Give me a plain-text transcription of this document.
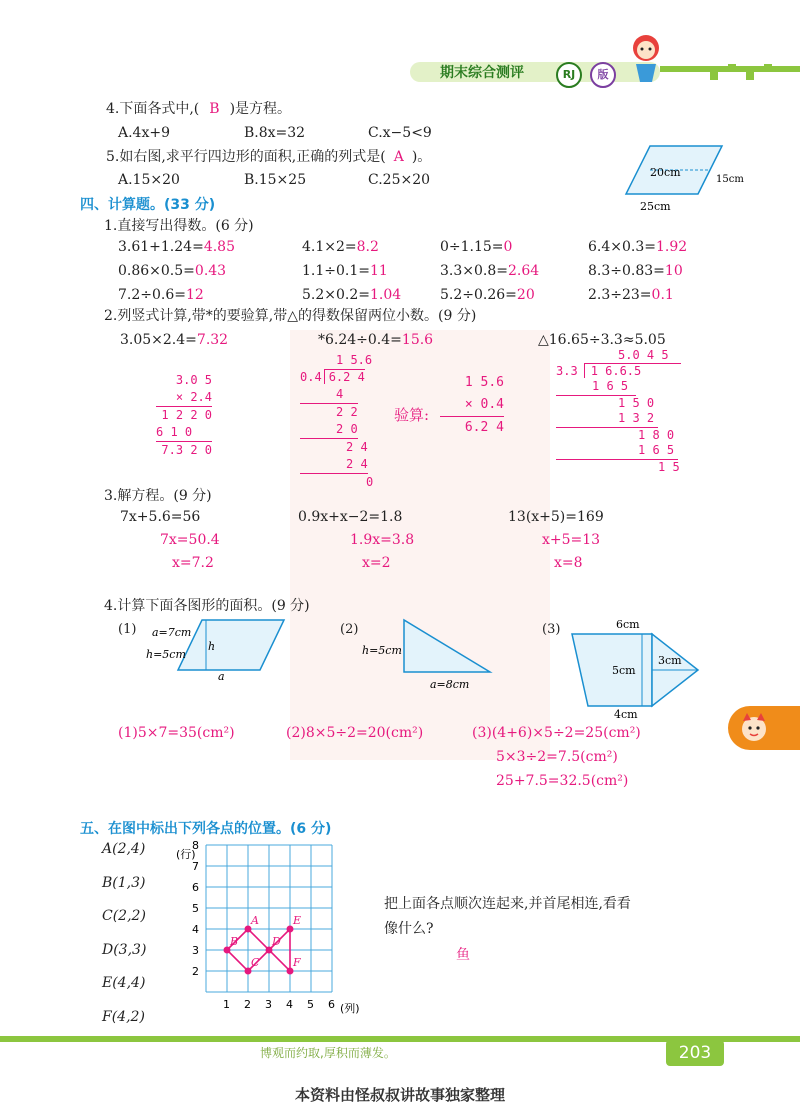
期末综合测评	RJ	版
4.下面各式中,( B )是方程。
A.4x+9	B.8x=32	C.x−5<9
5.如右图,求平行四边形的面积,正确的列式是( A )。
A.15×20	B.15×25	C.25×20	20cm
15cm
25cm
四、计算题。(33 分)
1.直接写出得数。(6 分)
3.61+1.24=4.85	4.1×2=8.2	0÷1.15=0	6.4×0.3=1.92
0.86×0.5=0.43	1.1÷0.1=11	3.3×0.8=2.64	8.3÷0.83=10
7.2÷0.6=12	5.2×0.2=1.04	5.2÷0.26=20	2.3÷23=0.1
2.列竖式计算,带*的要验算,带△的得数保留两位小数。(9 分)
3.05×2.4=7.32	*6.24÷0.4=15.6	△16.65÷3.3≈5.05
3.0 5
× 2.4
1 2 2 0
6 1 0
7.3 2 0
1 5.6
0.4 6.2 4
4
2 2
2 0
2 4
2 4
0
验算:
1 5.6
× 0.4
6.2 4
5.0 4 5
3.3 1 6.6.5
1 6 5
1 5 0
1 3 2
1 8 0
1 6 5
1 5
3.解方程。(9 分)
7x+5.6=56
7x=50.4
x=7.2
0.9x+x−2=1.8
1.9x=3.8
x=2
13(x+5)=169
x+5=13
x=8
4.计算下面各图形的面积。(9 分)
(1) a=7cm
h=5cm
h
a
(2)
h=5cm
a=8cm
(3)	6cm
5cm
3cm
4cm
(1)5×7=35(cm²)	(2)8×5÷2=20(cm²)	(3)(4+6)×5÷2=25(cm²)
5×3÷2=7.5(cm²)
25+7.5=32.5(cm²)
五、在图中标出下列各点的位置。(6 分)
A(2,4)
B(1,3)
C(2,2)
D(3,3)
E(4,4)
F(4,2)
(行)
(列)
8
7
6
5
4
3
2
1 2 3 4 5 6
A
B
C
D
E
F
把上面各点顺次连起来,并首尾相连,看看
像什么?
鱼
博观而约取,厚积而薄发。	203
本资料由怪叔叔讲故事独家整理
